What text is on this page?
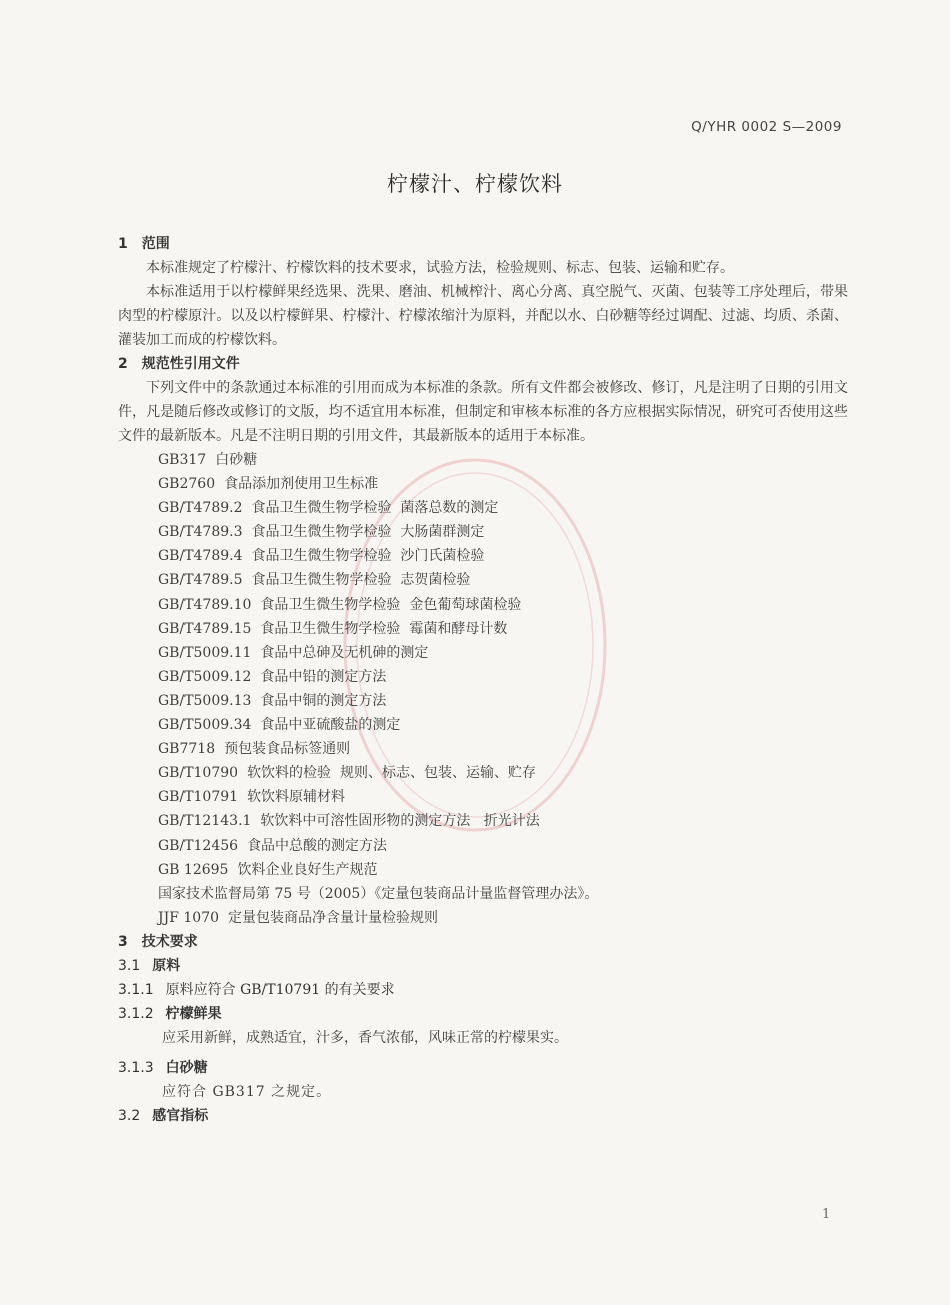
Q/YHR 0002 S—2009
柠檬汁、柠檬饮料
1 范围

本标准规定了柠檬汁、柠檬饮料的技术要求，试验方法，检验规则、标志、包装、运输和贮存。

本标准适用于以柠檬鲜果经选果、洗果、磨油、机械榨汁、离心分离、真空脱气、灭菌、包装等工序处理后，带果肉型的柠檬原汁。以及以柠檬鲜果、柠檬汁、柠檬浓缩汁为原料，并配以水、白砂糖等经过调配、过滤、均质、杀菌、灌装加工而成的柠檬饮料。

2 规范性引用文件

下列文件中的条款通过本标准的引用而成为本标准的条款。所有文件都会被修改、修订，凡是注明了日期的引用文件，凡是随后修改或修订的文版，均不适宜用本标准，但制定和审核本标准的各方应根据实际情况，研究可否使用这些文件的最新版本。凡是不注明日期的引用文件，其最新版本的适用于本标准。

GB317 白砂糖
GB2760 食品添加剂使用卫生标准
GB/T4789.2 食品卫生微生物学检验  菌落总数的测定
GB/T4789.3 食品卫生微生物学检验  大肠菌群测定
GB/T4789.4 食品卫生微生物学检验  沙门氏菌检验
GB/T4789.5 食品卫生微生物学检验  志贺菌检验
GB/T4789.10 食品卫生微生物学检验  金色葡萄球菌检验
GB/T4789.15 食品卫生微生物学检验  霉菌和酵母计数
GB/T5009.11 食品中总砷及无机砷的测定
GB/T5009.12 食品中铅的测定方法
GB/T5009.13 食品中铜的测定方法
GB/T5009.34 食品中亚硫酸盐的测定
GB7718 预包装食品标签通则
GB/T10790 软饮料的检验  规则、标志、包装、运输、贮存
GB/T10791 软饮料原辅材料
GB/T12143.1 软饮料中可溶性固形物的测定方法   折光计法
GB/T12456 食品中总酸的测定方法
GB 12695 饮料企业良好生产规范
国家技术监督局第 75 号（2005）《定量包装商品计量监督管理办法》。
JJF 1070 定量包装商品净含量计量检验规则
3 技术要求
3.1 原料
3.1.1 原料应符合 GB/T10791 的有关要求
3.1.2 柠檬鲜果

应采用新鲜，成熟适宜，汁多，香气浓郁，风味正常的柠檬果实。

3.1.3 白砂糖

应符合 GB317 之规定。

3.2 感官指标
1
